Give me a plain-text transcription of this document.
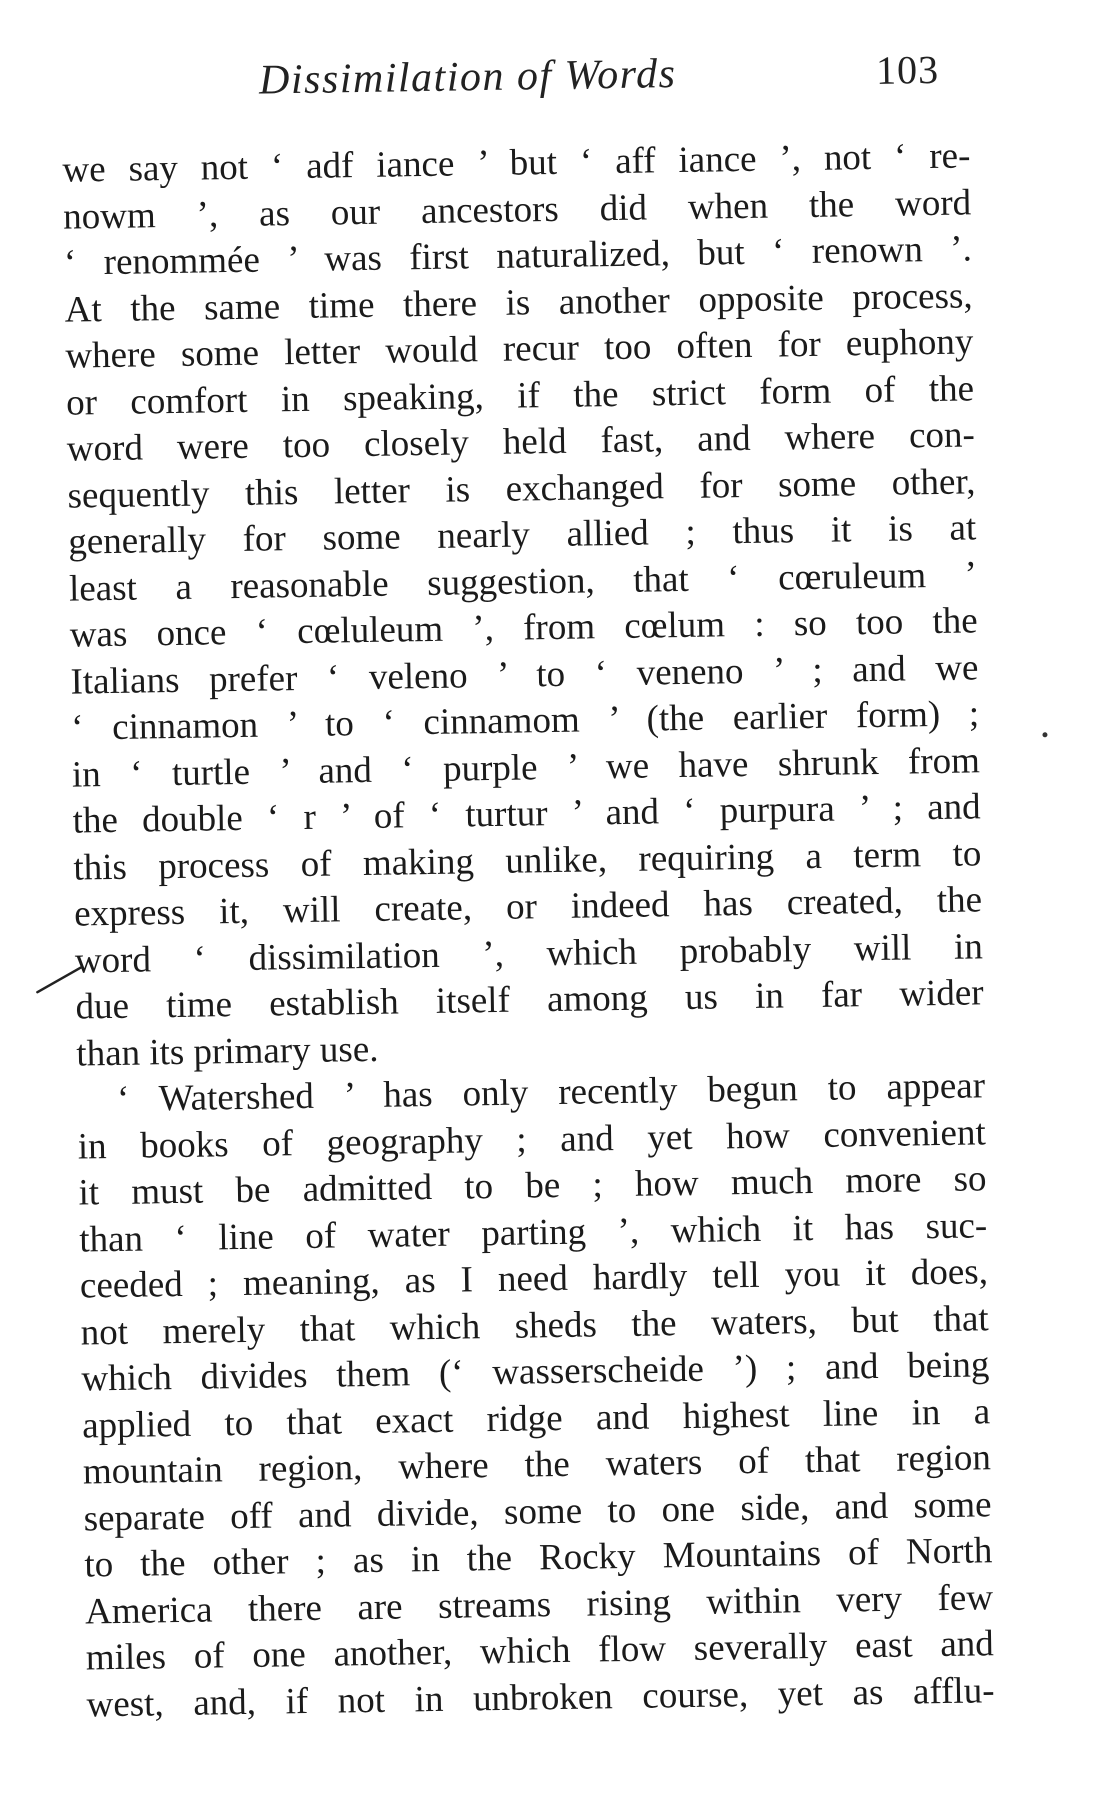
Dissimilation of Words	103
we say not ‘ adf iance ’ but ‘ aff iance ’, not ‘ re-
nowm ’, as our ancestors did when the word
‘ renommée ’ was first naturalized, but ‘ renown ’.
At the same time there is another opposite process,
where some letter would recur too often for euphony
or comfort in speaking, if the strict form of the
word were too closely held fast, and where con-
sequently this letter is exchanged for some other,
generally for some nearly allied ; thus it is at
least a reasonable suggestion, that ‘ cœruleum ’
was once ‘ cœluleum ’, from cœlum : so too the
Italians prefer ‘ veleno ’ to ‘ veneno ’ ; and we
‘ cinnamon ’ to ‘ cinnamom ’ (the earlier form) ;
in ‘ turtle ’ and ‘ purple ’ we have shrunk from
the double ‘ r ’ of ‘ turtur ’ and ‘ purpura ’ ; and
this process of making unlike, requiring a term to
express it, will create, or indeed has created, the
word ‘ dissimilation ’, which probably will in
due time establish itself among us in far wider
than its primary use.
‘ Watershed ’ has only recently begun to appear
in books of geography ; and yet how convenient
it must be admitted to be ; how much more so
than ‘ line of water parting ’, which it has suc-
ceeded ; meaning, as I need hardly tell you it does,
not merely that which sheds the waters, but that
which divides them (‘ wasserscheide ’) ; and being
applied to that exact ridge and highest line in a
mountain region, where the waters of that region
separate off and divide, some to one side, and some
to the other ; as in the Rocky Mountains of North
America there are streams rising within very few
miles of one another, which flow severally east and
west, and, if not in unbroken course, yet as afflu-
